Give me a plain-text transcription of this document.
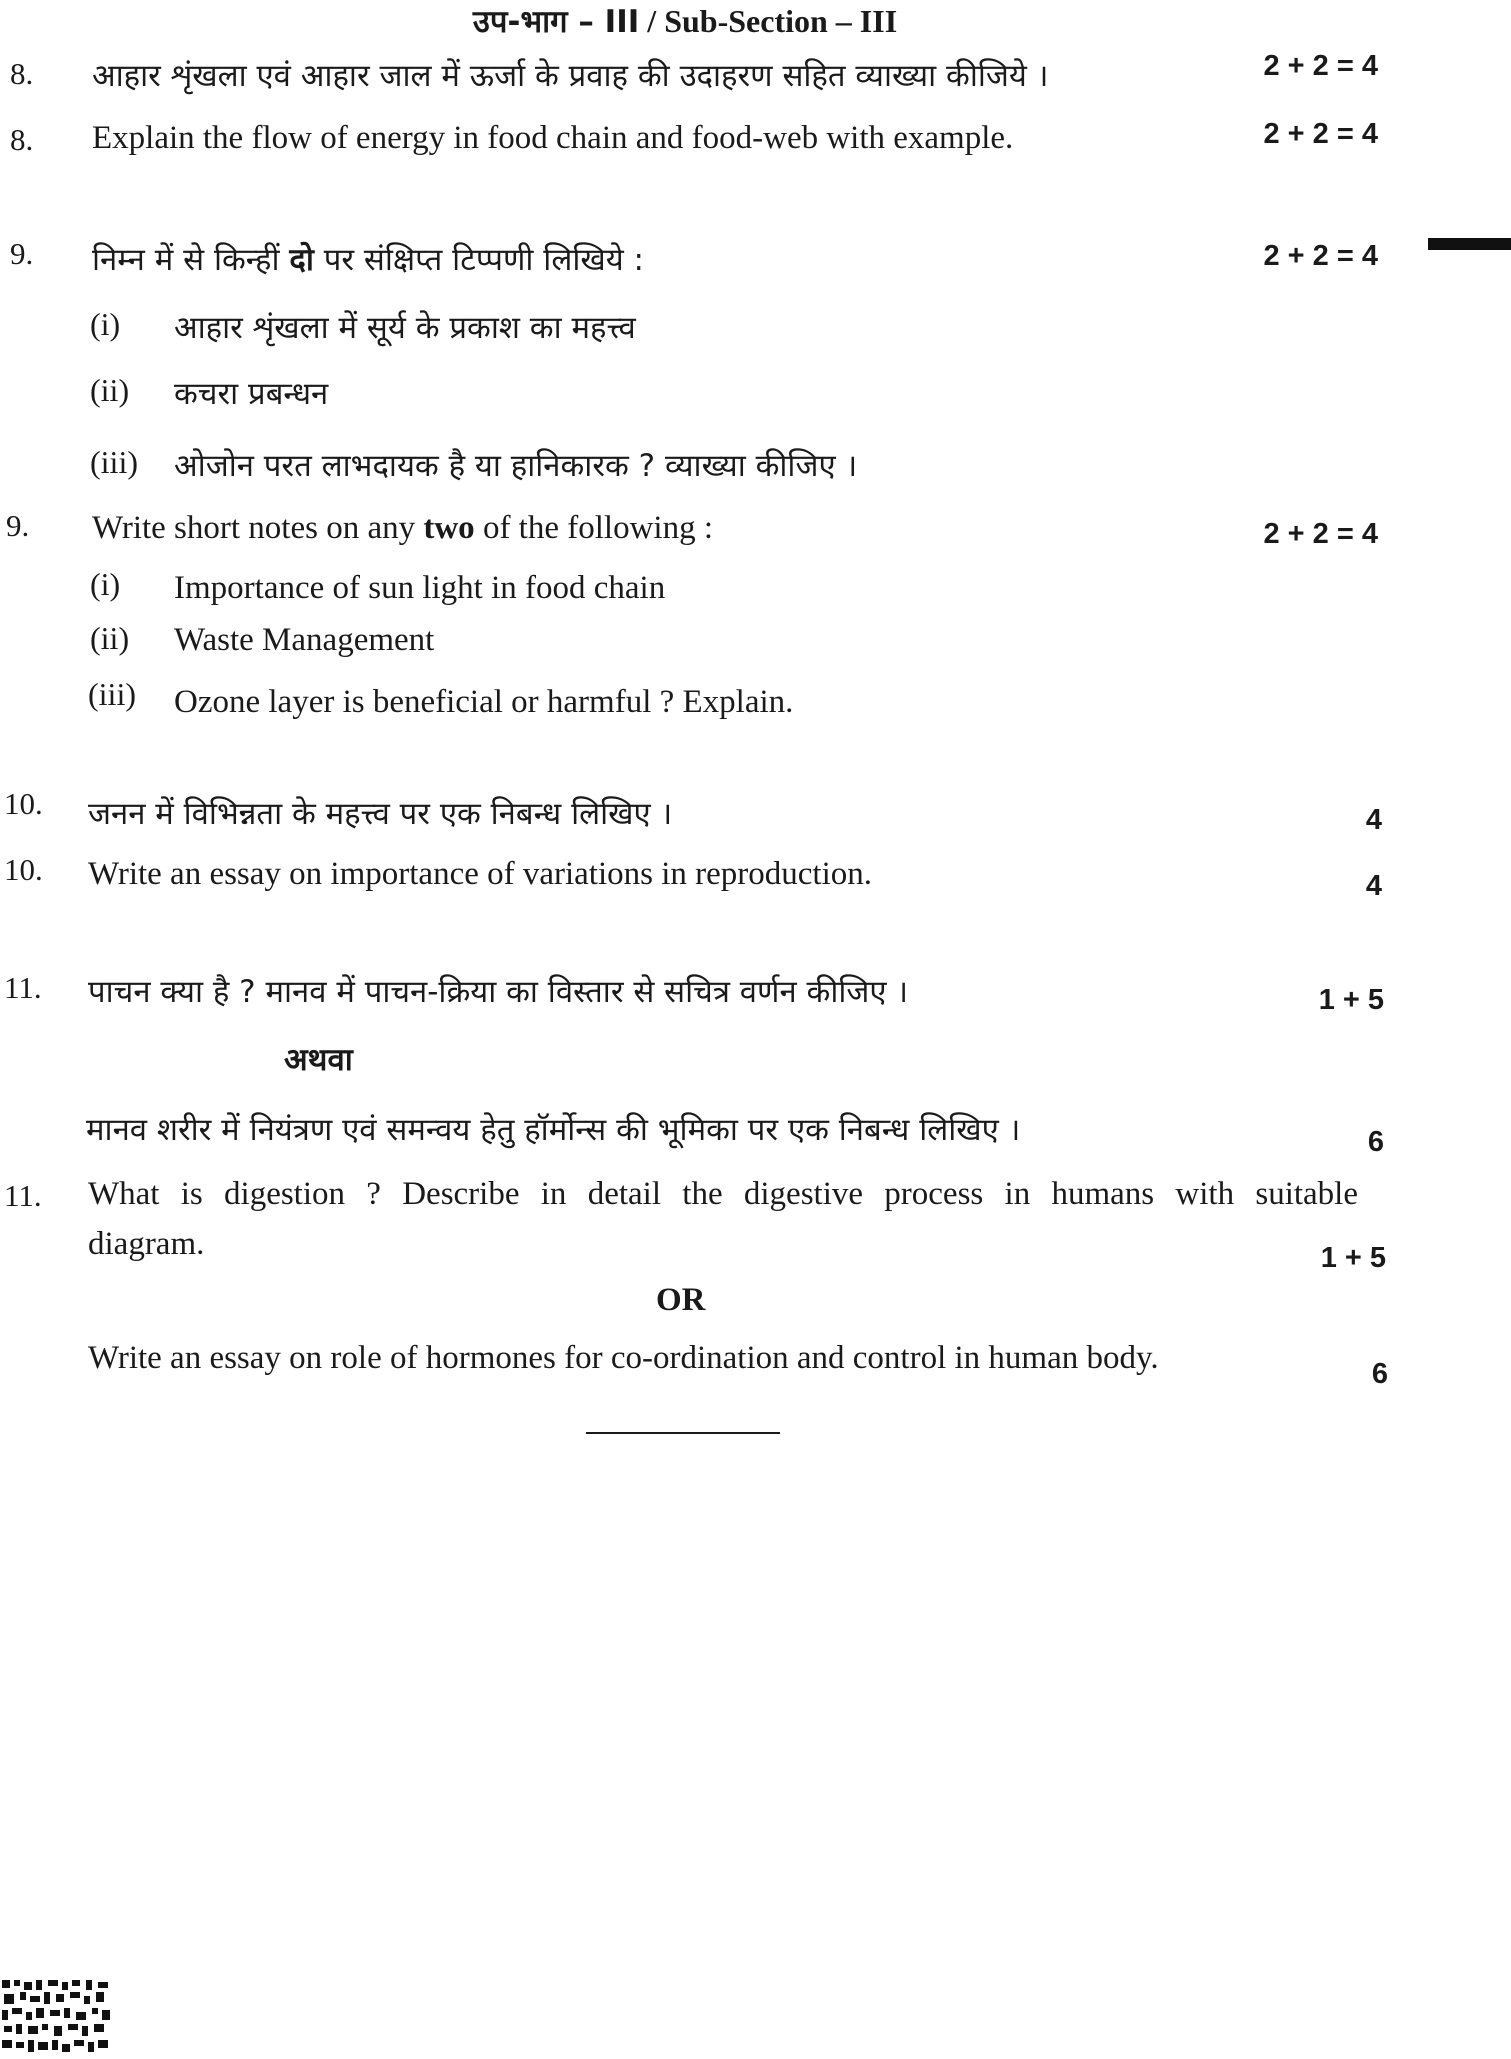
उप-भाग – III / Sub-Section – III
8. आहार शृंखला एवं आहार जाल में ऊर्जा के प्रवाह की उदाहरण सहित व्याख्या कीजिये ।	2 + 2 = 4
8. Explain the flow of energy in food chain and food-web with example.	2 + 2 = 4
9. निम्न में से किन्हीं दो पर संक्षिप्त टिप्पणी लिखिये :	2 + 2 = 4
(i) आहार शृंखला में सूर्य के प्रकाश का महत्त्व
(ii) कचरा प्रबन्धन
(iii) ओजोन परत लाभदायक है या हानिकारक ? व्याख्या कीजिए ।
9. Write short notes on any two of the following :	2 + 2 = 4
(i) Importance of sun light in food chain
(ii) Waste Management
(iii) Ozone layer is beneficial or harmful ? Explain.
10. जनन में विभिन्नता के महत्त्व पर एक निबन्ध लिखिए ।	4
10. Write an essay on importance of variations in reproduction.	4
11. पाचन क्या है ? मानव में पाचन-क्रिया का विस्तार से सचित्र वर्णन कीजिए ।	1 + 5
अथवा
मानव शरीर में नियंत्रण एवं समन्वय हेतु हॉर्मोन्स की भूमिका पर एक निबन्ध लिखिए ।	6
11. What is digestion ? Describe in detail the digestive process in humans with suitable
diagram.	1 + 5
OR
Write an essay on role of hormones for co-ordination and control in human body.	6
